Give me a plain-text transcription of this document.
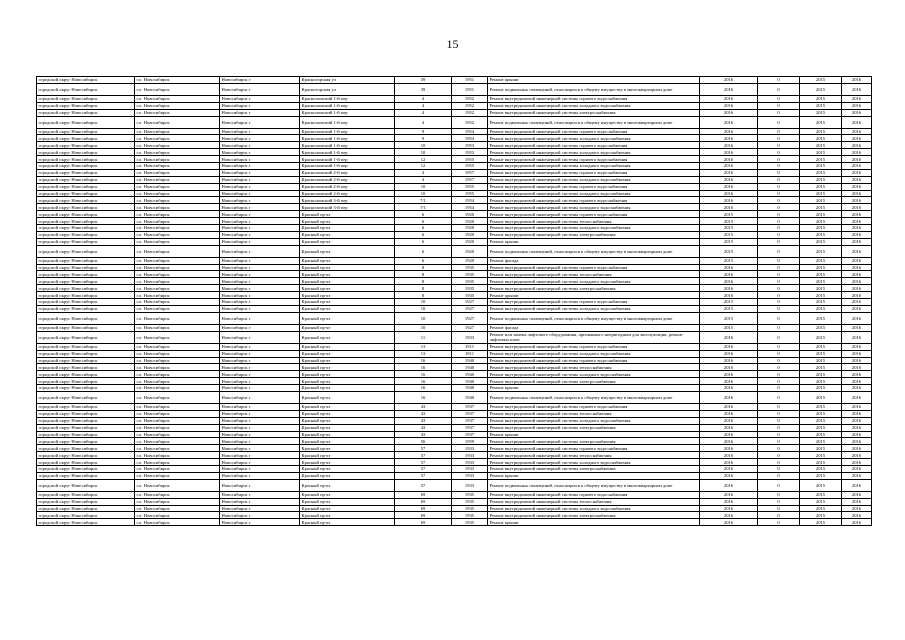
15
городской округ Новосибирск	г.о. Новосибирск	Новосибирск г	Красногорская ул	39	1951	Ремонт крыши	2016	0	2015	2016
городской округ Новосибирск	г.о. Новосибирск	Новосибирск г	Красногорская ул	39	1951	Ремонт подвальных помещений, относящихся к общему имуществу в многоквартирном доме	2016	0	2015	2016
городской округ Новосибирск	г.о. Новосибирск	Новосибирск г	Красноломский 1-й пер	4	1952	Ремонт внутридомовой инженерной системы горячего водоснабжения	2016	0	2015	2016
городской округ Новосибирск	г.о. Новосибирск	Новосибирск г	Красноломский 1-й пер	4	1952	Ремонт внутридомовой инженерной системы холодного водоснабжения	2016	0	2015	2016
городской округ Новосибирск	г.о. Новосибирск	Новосибирск г	Красноломский 1-й пер	4	1952	Ремонт внутридомовой инженерной системы электроснабжения	2016	0	2015	2016
городской округ Новосибирск	г.о. Новосибирск	Новосибирск г	Красноломский 1-й пер	4	1952	Ремонт подвальных помещений, относящихся к общему имуществу в многоквартирном доме	2016	0	2015	2016
городской округ Новосибирск	г.о. Новосибирск	Новосибирск г	Красноломский 1-й пер	9	1954	Ремонт внутридомовой инженерной системы горячего водоснабжения	2016	0	2015	2016
городской округ Новосибирск	г.о. Новосибирск	Новосибирск г	Красноломский 1-й пер	9	1954	Ремонт внутридомовой инженерной системы холодного водоснабжения	2016	0	2015	2016
городской округ Новосибирск	г.о. Новосибирск	Новосибирск г	Красноломский 1-й пер	10	1953	Ремонт внутридомовой инженерной системы горячего водоснабжения	2016	0	2015	2016
городской округ Новосибирск	г.о. Новосибирск	Новосибирск г	Красноломский 1-й пер	10	1953	Ремонт внутридомовой инженерной системы холодного водоснабжения	2016	0	2015	2016
городской округ Новосибирск	г.о. Новосибирск	Новосибирск г	Красноломский 1-й пер	12	1955	Ремонт внутридомовой инженерной системы горячего водоснабжения	2016	0	2015	2016
городской округ Новосибирск	г.о. Новосибирск	Новосибирск г	Красноломский 1-й пер	12	1955	Ремонт внутридомовой инженерной системы холодного водоснабжения	2016	0	2015	2016
городской округ Новосибирск	г.о. Новосибирск	Новосибирск г	Красноломский 2-й пер	4	1957	Ремонт внутридомовой инженерной системы горячего водоснабжения	2016	0	2015	2016
городской округ Новосибирск	г.о. Новосибирск	Новосибирск г	Красноломский 2-й пер	4	1957	Ремонт внутридомовой инженерной системы холодного водоснабжения	2016	0	2015	2016
городской округ Новосибирск	г.о. Новосибирск	Новосибирск г	Красноломский 2-й пер	10	1955	Ремонт внутридомовой инженерной системы горячего водоснабжения	2016	0	2015	2016
городской округ Новосибирск	г.о. Новосибирск	Новосибирск г	Красноломский 2-й пер	10	1955	Ремонт внутридомовой инженерной системы холодного водоснабжения	2016	0	2015	2016
городской округ Новосибирск	г.о. Новосибирск	Новосибирск г	Красноломский 3-й пер	7/1	1954	Ремонт внутридомовой инженерной системы горячего водоснабжения	2016	0	2015	2016
городской округ Новосибирск	г.о. Новосибирск	Новосибирск г	Красноломский 3-й пер	7/1	1954	Ремонт внутридомовой инженерной системы холодного водоснабжения	2016	0	2015	2016
городской округ Новосибирск	г.о. Новосибирск	Новосибирск г	Красный пр-кт	6	1920	Ремонт внутридомовой инженерной системы горячего водоснабжения	2015	0	2015	2016
городской округ Новосибирск	г.о. Новосибирск	Новосибирск г	Красный пр-кт	6	1920	Ремонт внутридомовой инженерной системы теплоснабжения	2015	0	2015	2016
городской округ Новосибирск	г.о. Новосибирск	Новосибирск г	Красный пр-кт	6	1920	Ремонт внутридомовой инженерной системы холодного водоснабжения	2015	0	2015	2016
городской округ Новосибирск	г.о. Новосибирск	Новосибирск г	Красный пр-кт	6	1920	Ремонт внутридомовой инженерной системы электроснабжения	2015	0	2015	2016
городской округ Новосибирск	г.о. Новосибирск	Новосибирск г	Красный пр-кт	6	1920	Ремонт крыши	2015	0	2015	2016
городской округ Новосибирск	г.о. Новосибирск	Новосибирск г	Красный пр-кт	6	1920	Ремонт подвальных помещений, относящихся к общему имуществу в многоквартирном доме	2015	0	2015	2016
городской округ Новосибирск	г.о. Новосибирск	Новосибирск г	Красный пр-кт	6	1920	Ремонт фасада	2015	0	2015	2016
городской округ Новосибирск	г.о. Новосибирск	Новосибирск г	Красный пр-кт	8	1935	Ремонт внутридомовой инженерной системы горячего водоснабжения	2016	0	2015	2016
городской округ Новосибирск	г.о. Новосибирск	Новосибирск г	Красный пр-кт	8	1935	Ремонт внутридомовой инженерной системы теплоснабжения	2016	0	2015	2016
городской округ Новосибирск	г.о. Новосибирск	Новосибирск г	Красный пр-кт	8	1935	Ремонт внутридомовой инженерной системы холодного водоснабжения	2016	0	2015	2016
городской округ Новосибирск	г.о. Новосибирск	Новосибирск г	Красный пр-кт	8	1935	Ремонт внутридомовой инженерной системы электроснабжения	2016	0	2015	2016
городской округ Новосибирск	г.о. Новосибирск	Новосибирск г	Красный пр-кт	8	1935	Ремонт крыши	2016	0	2015	2016
городской округ Новосибирск	г.о. Новосибирск	Новосибирск г	Красный пр-кт	10	1927	Ремонт внутридомовой инженерной системы горячего водоснабжения	2015	0	2015	2016
городской округ Новосибирск	г.о. Новосибирск	Новосибирск г	Красный пр-кт	10	1927	Ремонт внутридомовой инженерной системы холодного водоснабжения	2015	0	2015	2016
городской округ Новосибирск	г.о. Новосибирск	Новосибирск г	Красный пр-кт	10	1927	Ремонт подвальных помещений, относящихся к общему имуществу в многоквартирном доме	2015	0	2015	2016
городской округ Новосибирск	г.о. Новосибирск	Новосибирск г	Красный пр-кт	10	1927	Ремонт фасада	2015	0	2015	2016
городской округ Новосибирск	г.о. Новосибирск	Новосибирск г	Красный пр-кт	11	1933	Ремонт или замена лифтового оборудования, признанного непригодным для эксплуатации, ремонт лифтовых шахт	2016	0	2015	2016
городской округ Новосибирск	г.о. Новосибирск	Новосибирск г	Красный пр-кт	13	1911	Ремонт внутридомовой инженерной системы горячего водоснабжения	2016	0	2015	2016
городской округ Новосибирск	г.о. Новосибирск	Новосибирск г	Красный пр-кт	13	1911	Ремонт внутридомовой инженерной системы холодного водоснабжения	2016	0	2015	2016
городской округ Новосибирск	г.о. Новосибирск	Новосибирск г	Красный пр-кт	16	1940	Ремонт внутридомовой инженерной системы горячего водоснабжения	2016	0	2015	2016
городской округ Новосибирск	г.о. Новосибирск	Новосибирск г	Красный пр-кт	16	1940	Ремонт внутридомовой инженерной системы теплоснабжения	2016	0	2015	2016
городской округ Новосибирск	г.о. Новосибирск	Новосибирск г	Красный пр-кт	16	1940	Ремонт внутридомовой инженерной системы холодного водоснабжения	2016	0	2015	2016
городской округ Новосибирск	г.о. Новосибирск	Новосибирск г	Красный пр-кт	16	1940	Ремонт внутридомовой инженерной системы электроснабжения	2016	0	2015	2016
городской округ Новосибирск	г.о. Новосибирск	Новосибирск г	Красный пр-кт	16	1940	Ремонт крыши	2016	0	2015	2016
городской округ Новосибирск	г.о. Новосибирск	Новосибирск г	Красный пр-кт	16	1940	Ремонт подвальных помещений, относящихся к общему имуществу в многоквартирном доме	2016	0	2015	2016
городской округ Новосибирск	г.о. Новосибирск	Новосибирск г	Красный пр-кт	43	1937	Ремонт внутридомовой инженерной системы горячего водоснабжения	2016	0	2015	2016
городской округ Новосибирск	г.о. Новосибирск	Новосибирск г	Красный пр-кт	43	1937	Ремонт внутридомовой инженерной системы теплоснабжения	2016	0	2015	2016
городской округ Новосибирск	г.о. Новосибирск	Новосибирск г	Красный пр-кт	43	1937	Ремонт внутридомовой инженерной системы холодного водоснабжения	2016	0	2015	2016
городской округ Новосибирск	г.о. Новосибирск	Новосибирск г	Красный пр-кт	43	1937	Ремонт внутридомовой инженерной системы электроснабжения	2016	0	2015	2016
городской округ Новосибирск	г.о. Новосибирск	Новосибирск г	Красный пр-кт	43	1937	Ремонт крыши	2016	0	2015	2016
городской округ Новосибирск	г.о. Новосибирск	Новосибирск г	Красный пр-кт	56	1959	Ремонт внутридомовой инженерной системы электроснабжения	2016	0	2015	2016
городской округ Новосибирск	г.о. Новосибирск	Новосибирск г	Красный пр-кт	57	1933	Ремонт внутридомовой инженерной системы горячего водоснабжения	2016	0	2015	2016
городской округ Новосибирск	г.о. Новосибирск	Новосибирск г	Красный пр-кт	57	1933	Ремонт внутридомовой инженерной системы теплоснабжения	2016	0	2015	2016
городской округ Новосибирск	г.о. Новосибирск	Новосибирск г	Красный пр-кт	57	1933	Ремонт внутридомовой инженерной системы холодного водоснабжения	2016	0	2015	2016
городской округ Новосибирск	г.о. Новосибирск	Новосибирск г	Красный пр-кт	57	1933	Ремонт внутридомовой инженерной системы электроснабжения	2016	0	2015	2016
городской округ Новосибирск	г.о. Новосибирск	Новосибирск г	Красный пр-кт	57	1933	Ремонт крыши	2016	0	2015	2016
городской округ Новосибирск	г.о. Новосибирск	Новосибирск г	Красный пр-кт	57	1933	Ремонт подвальных помещений, относящихся к общему имуществу в многоквартирном доме	2016	0	2015	2016
городской округ Новосибирск	г.о. Новосибирск	Новосибирск г	Красный пр-кт	69	1935	Ремонт внутридомовой инженерной системы горячего водоснабжения	2016	0	2015	2016
городской округ Новосибирск	г.о. Новосибирск	Новосибирск г	Красный пр-кт	69	1935	Ремонт внутридомовой инженерной системы теплоснабжения	2016	0	2015	2016
городской округ Новосибирск	г.о. Новосибирск	Новосибирск г	Красный пр-кт	69	1935	Ремонт внутридомовой инженерной системы холодного водоснабжения	2016	0	2015	2016
городской округ Новосибирск	г.о. Новосибирск	Новосибирск г	Красный пр-кт	69	1935	Ремонт внутридомовой инженерной системы электроснабжения	2016	0	2015	2016
городской округ Новосибирск	г.о. Новосибирск	Новосибирск г	Красный пр-кт	69	1935	Ремонт крыши	2016	0	2015	2016
